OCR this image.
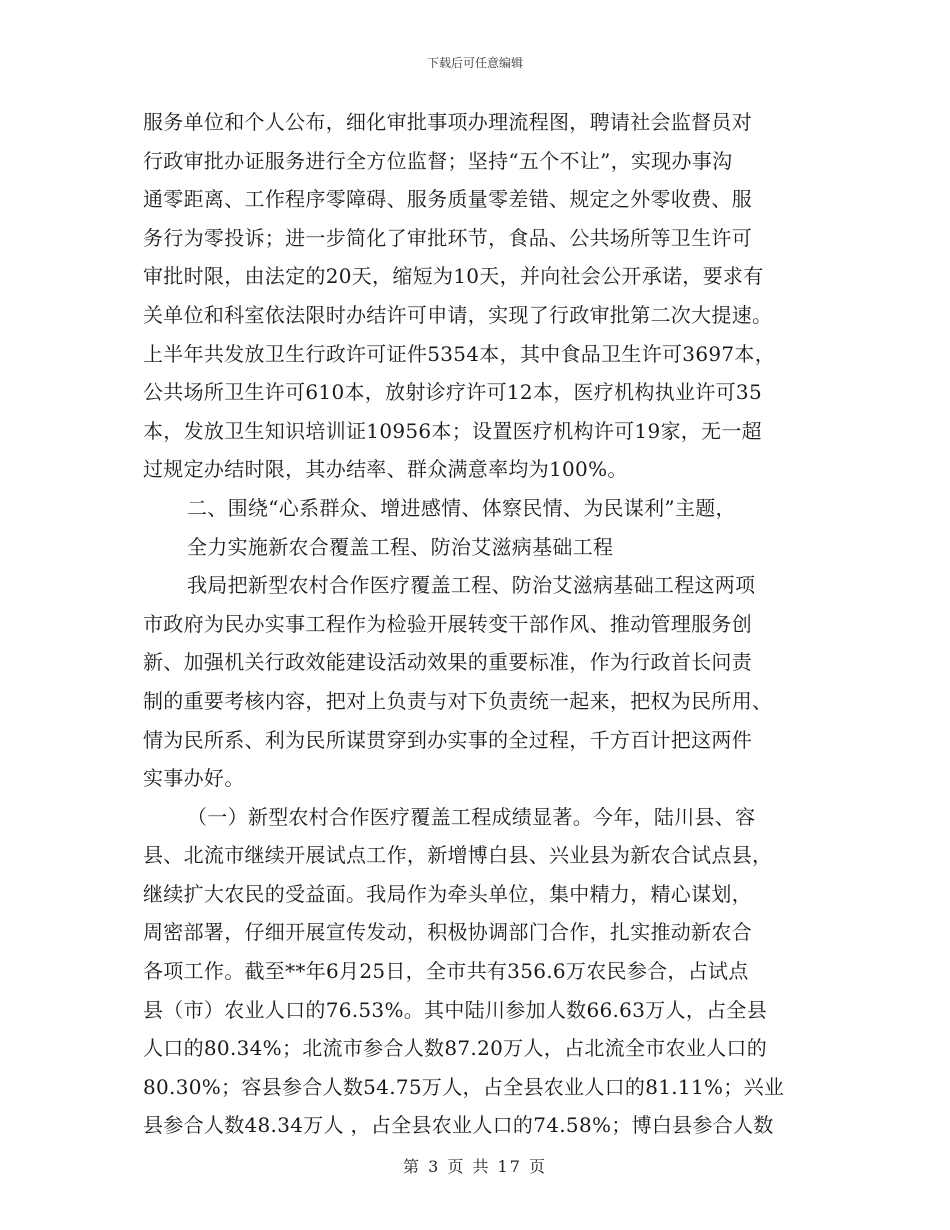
下载后可任意编辑
服务单位和个人公布，细化审批事项办理流程图，聘请社会监督员对
行政审批办证服务进行全方位监督；坚持“五个不让”，实现办事沟
通零距离、工作程序零障碍、服务质量零差错、规定之外零收费、服
务行为零投诉；进一步简化了审批环节，食品、公共场所等卫生许可
审批时限，由法定的20天，缩短为10天，并向社会公开承诺，要求有
关单位和科室依法限时办结许可申请，实现了行政审批第二次大提速。
上半年共发放卫生行政许可证件5354本，其中食品卫生许可3697本，
公共场所卫生许可610本，放射诊疗许可12本，医疗机构执业许可35
本，发放卫生知识培训证10956本；设置医疗机构许可19家，无一超
过规定办结时限，其办结率、群众满意率均为100%。
二、围绕“心系群众、增进感情、体察民情、为民谋利”主题，
全力实施新农合覆盖工程、防治艾滋病基础工程
我局把新型农村合作医疗覆盖工程、防治艾滋病基础工程这两项
市政府为民办实事工程作为检验开展转变干部作风、推动管理服务创
新、加强机关行政效能建设活动效果的重要标准，作为行政首长问责
制的重要考核内容，把对上负责与对下负责统一起来，把权为民所用、
情为民所系、利为民所谋贯穿到办实事的全过程，千方百计把这两件
实事办好。
（一）新型农村合作医疗覆盖工程成绩显著。今年，陆川县、容
县、北流市继续开展试点工作，新增博白县、兴业县为新农合试点县，
继续扩大农民的受益面。我局作为牵头单位，集中精力，精心谋划，
周密部署，仔细开展宣传发动，积极协调部门合作，扎实推动新农合
各项工作。截至**年6月25日，全市共有356.6万农民参合，占试点
县（市）农业人口的76.53%。其中陆川参加人数66.63万人，占全县
人口的80.34%；北流市参合人数87.20万人，占北流全市农业人口的
80.30%；容县参合人数54.75万人，占全县农业人口的81.11%；兴业
县参合人数48.34万人 ，占全县农业人口的74.58%；博白县参合人数
第 3 页 共 17 页
